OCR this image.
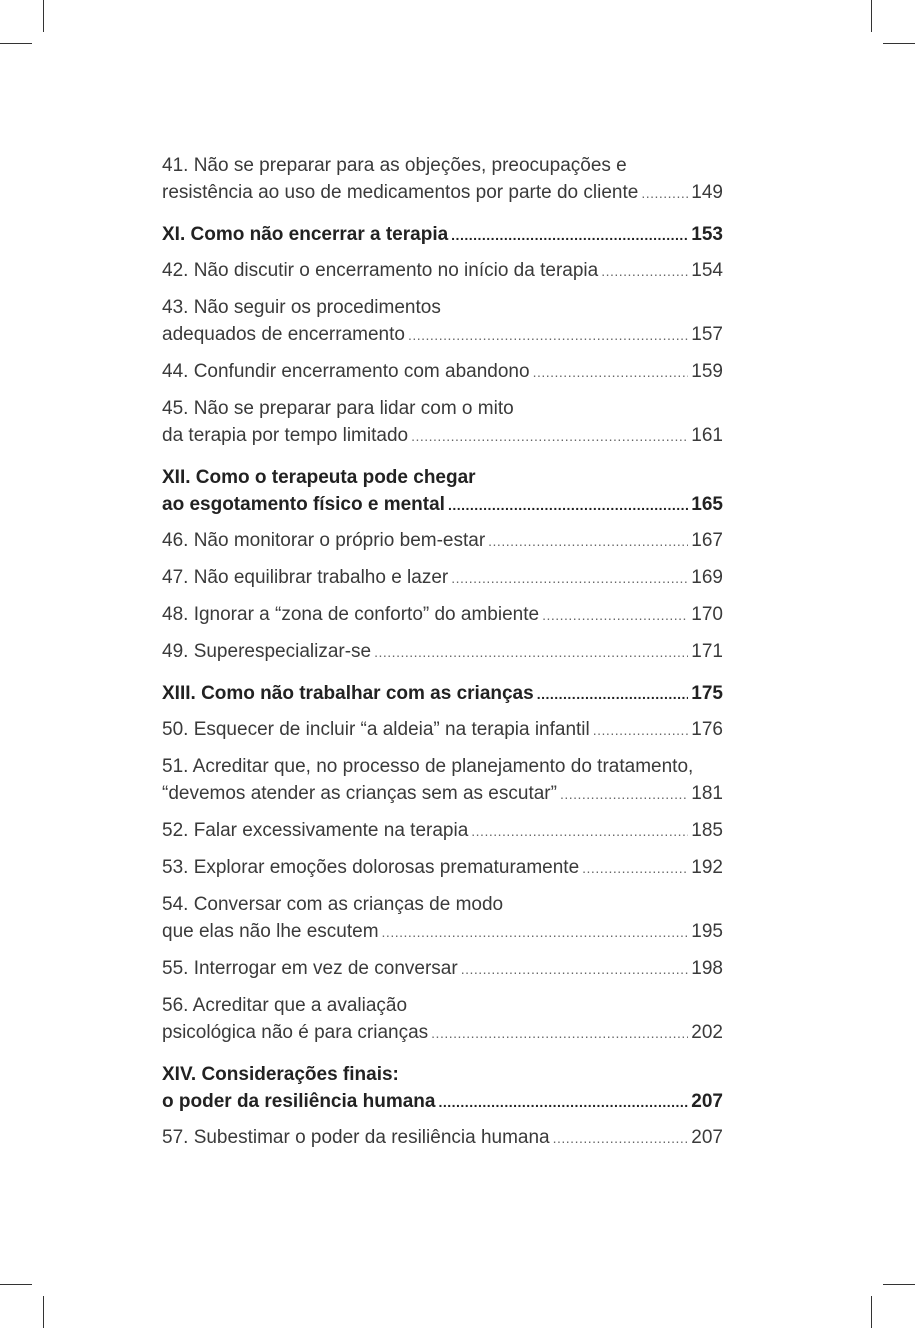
41. Não se preparar para as objeções, preocupações e
resistência ao uso de medicamentos por parte do cliente .....	149
XI. Como não encerrar a terapia .....	153
42. Não discutir o encerramento no início da terapia .....	154
43. Não seguir os procedimentos
adequados de encerramento .....	157
44. Confundir encerramento com abandono .....	159
45. Não se preparar para lidar com o mito
da terapia por tempo limitado .....	161
XII. Como o terapeuta pode chegar
ao esgotamento físico e mental .....	165
46. Não monitorar o próprio bem-estar .....	167
47. Não equilibrar trabalho e lazer .....	169
48. Ignorar a “zona de conforto” do ambiente .....	170
49. Superespecializar-se .....	171
XIII. Como não trabalhar com as crianças .....	175
50. Esquecer de incluir “a aldeia” na terapia infantil .....	176
51. Acreditar que, no processo de planejamento do tratamento,
“devemos atender as crianças sem as escutar” .....	181
52. Falar excessivamente na terapia .....	185
53. Explorar emoções dolorosas prematuramente .....	192
54. Conversar com as crianças de modo
que elas não lhe escutem .....	195
55. Interrogar em vez de conversar .....	198
56. Acreditar que a avaliação
psicológica não é para crianças .....	202
XIV. Considerações finais:
o poder da resiliência humana .....	207
57. Subestimar o poder da resiliência humana .....	207
